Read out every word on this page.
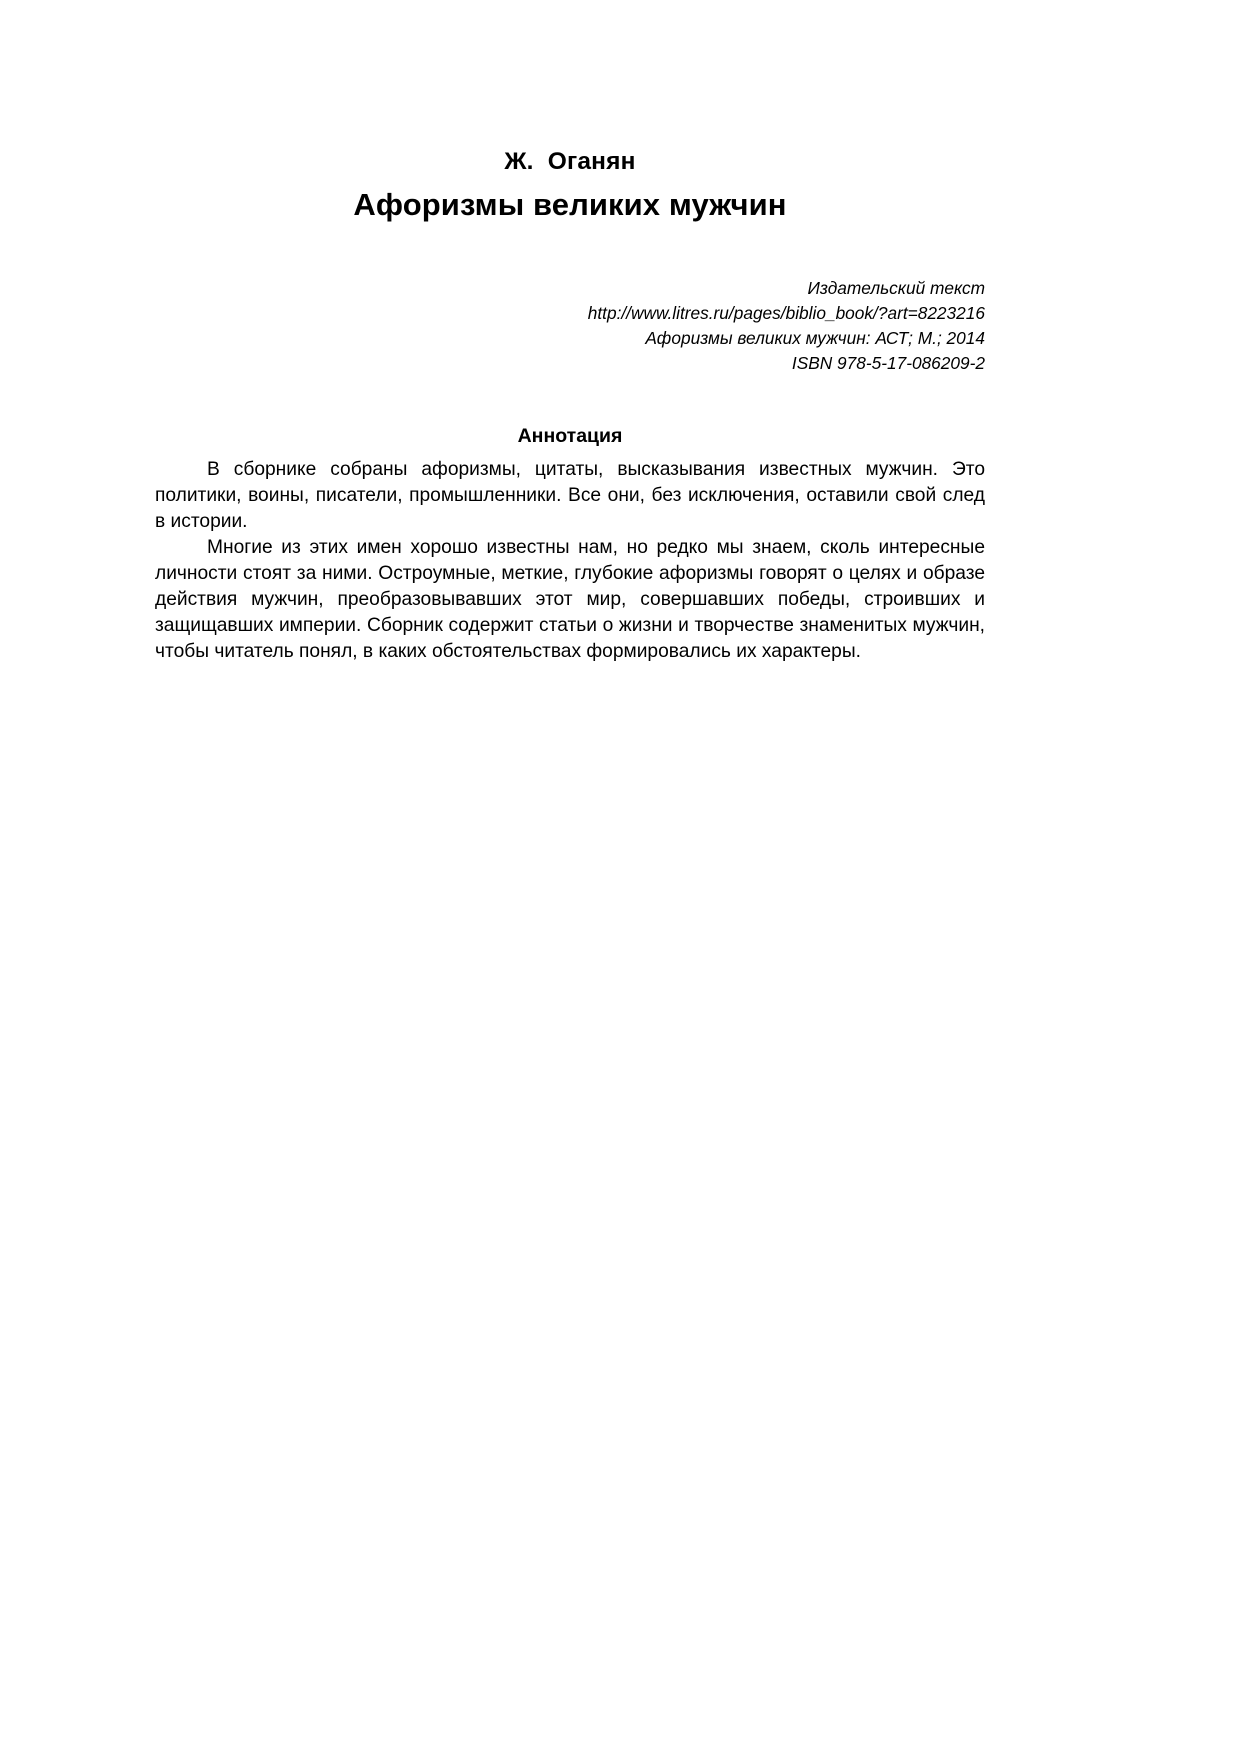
Ж.  Оганян
Афоризмы великих мужчин
Издательский текст
http://www.litres.ru/pages/biblio_book/?art=8223216
Афоризмы великих мужчин: АСТ; М.; 2014
ISBN 978-5-17-086209-2
Аннотация

В сборнике собраны афоризмы, цитаты, высказывания известных мужчин. Это политики, воины, писатели, промышленники. Все они, без исключения, оставили свой след в истории.

Многие из этих имен хорошо известны нам, но редко мы знаем, сколь интересные личности стоят за ними. Остроумные, меткие, глубокие афоризмы говорят о целях и образе действия мужчин, преобразовывавших этот мир, совершавших победы, строивших и защищавших империи. Сборник содержит статьи о жизни и творчестве знаменитых мужчин, чтобы читатель понял, в каких обстоятельствах формировались их характеры.
